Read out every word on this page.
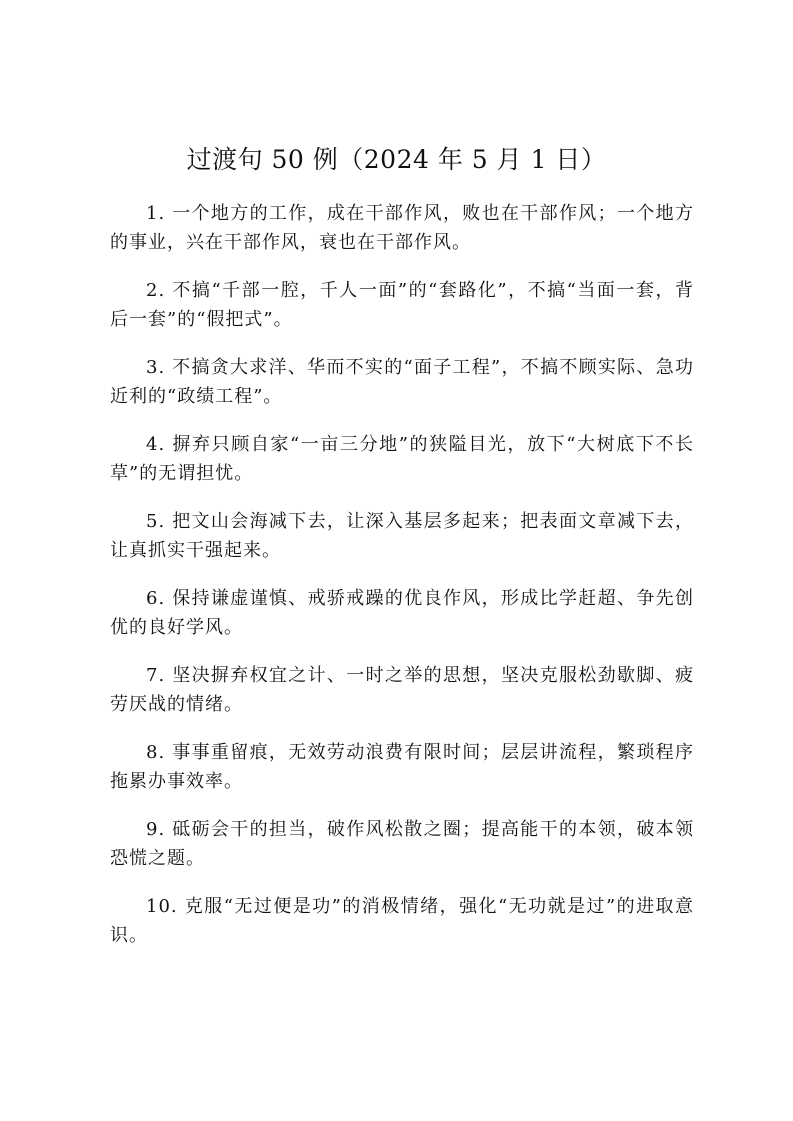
过渡句 50 例（2024 年 5 月 1 日）

1. 一个地方的工作，成在干部作风，败也在干部作风；一个地方的事业，兴在干部作风，衰也在干部作风。

2. 不搞“千部一腔，千人一面”的“套路化”，不搞“当面一套，背后一套”的“假把式”。

3. 不搞贪大求洋、华而不实的“面子工程”，不搞不顾实际、急功近利的“政绩工程”。

4. 摒弃只顾自家“一亩三分地”的狭隘目光，放下“大树底下不长草”的无谓担忧。

5. 把文山会海减下去，让深入基层多起来；把表面文章减下去，让真抓实干强起来。

6. 保持谦虚谨慎、戒骄戒躁的优良作风，形成比学赶超、争先创优的良好学风。

7. 坚决摒弃权宜之计、一时之举的思想，坚决克服松劲歇脚、疲劳厌战的情绪。

8. 事事重留痕，无效劳动浪费有限时间；层层讲流程，繁琐程序拖累办事效率。

9. 砥砺会干的担当，破作风松散之圈；提高能干的本领，破本领恐慌之题。

10. 克服“无过便是功”的消极情绪，强化“无功就是过”的进取意识。
